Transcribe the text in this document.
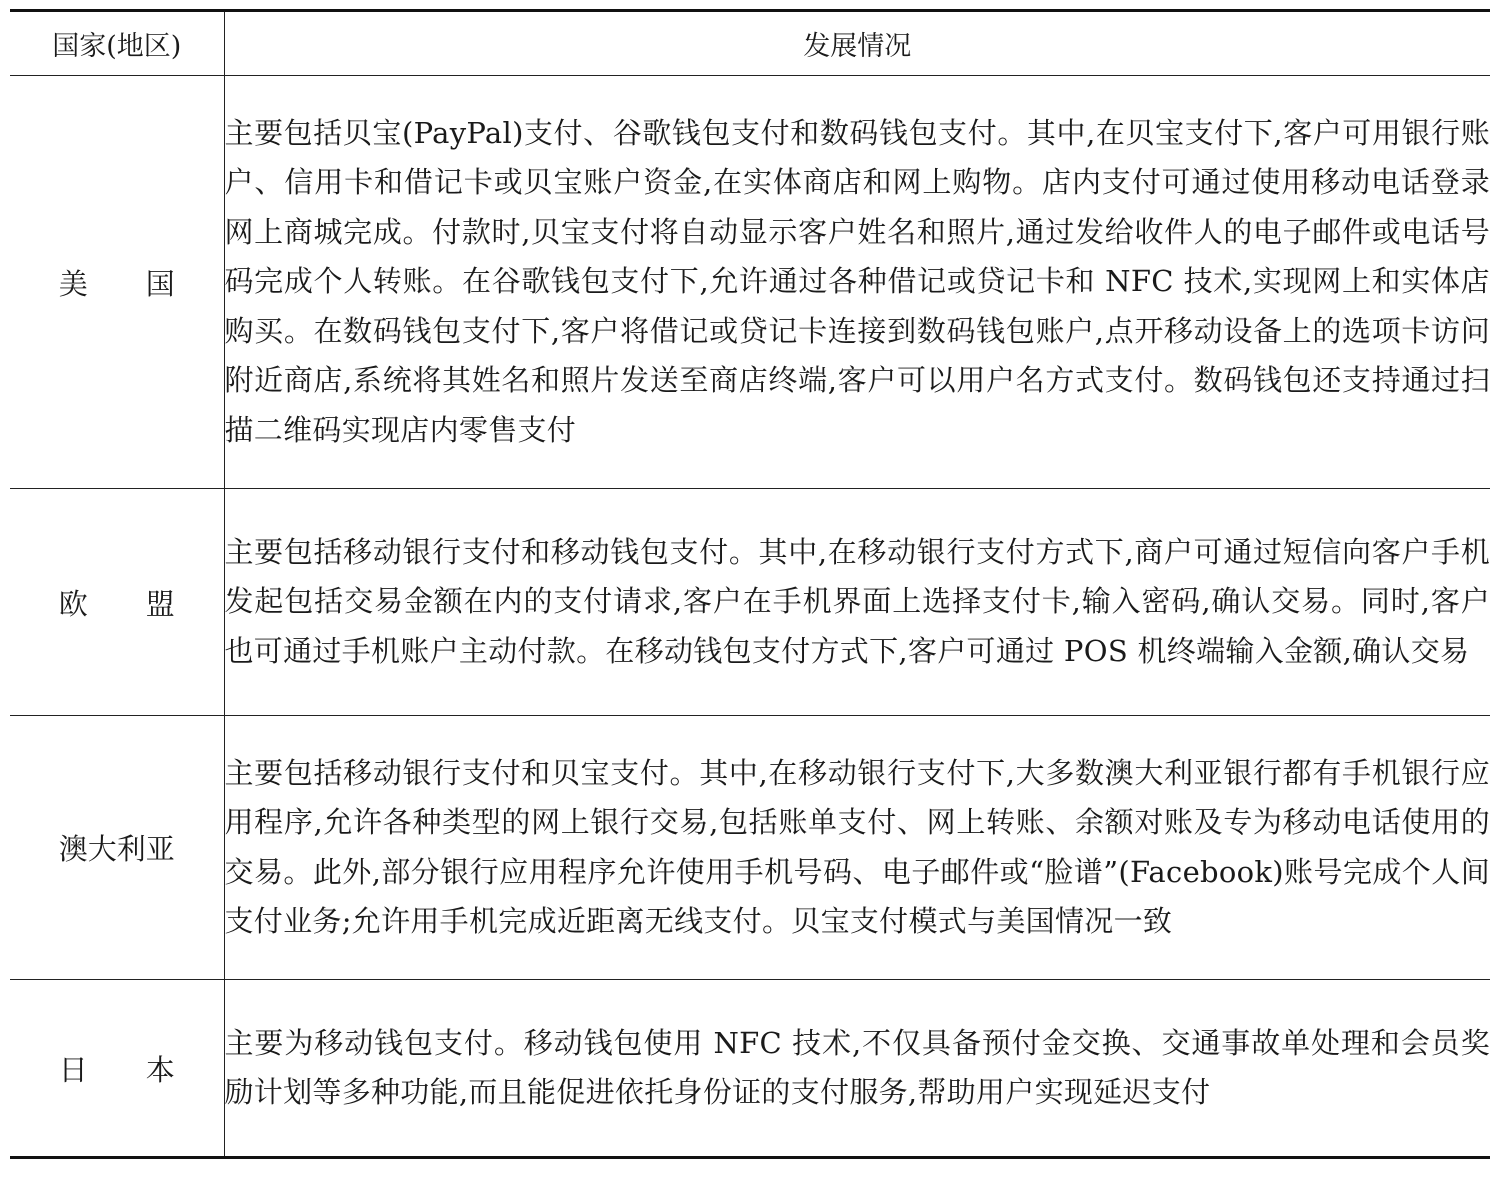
国家(地区)	发展情况
美　　国	主要包括贝宝(PayPal)支付、谷歌钱包支付和数码钱包支付。其中,在贝宝支付下,客户可用银行账户、信用卡和借记卡或贝宝账户资金,在实体商店和网上购物。店内支付可通过使用移动电话登录网上商城完成。付款时,贝宝支付将自动显示客户姓名和照片,通过发给收件人的电子邮件或电话号码完成个人转账。在谷歌钱包支付下,允许通过各种借记或贷记卡和 NFC 技术,实现网上和实体店购买。在数码钱包支付下,客户将借记或贷记卡连接到数码钱包账户,点开移动设备上的选项卡访问附近商店,系统将其姓名和照片发送至商店终端,客户可以用户名方式支付。数码钱包还支持通过扫描二维码实现店内零售支付
欧　　盟	主要包括移动银行支付和移动钱包支付。其中,在移动银行支付方式下,商户可通过短信向客户手机发起包括交易金额在内的支付请求,客户在手机界面上选择支付卡,输入密码,确认交易。同时,客户也可通过手机账户主动付款。在移动钱包支付方式下,客户可通过 POS 机终端输入金额,确认交易
澳大利亚	主要包括移动银行支付和贝宝支付。其中,在移动银行支付下,大多数澳大利亚银行都有手机银行应用程序,允许各种类型的网上银行交易,包括账单支付、网上转账、余额对账及专为移动电话使用的交易。此外,部分银行应用程序允许使用手机号码、电子邮件或“脸谱”(Facebook)账号完成个人间支付业务;允许用手机完成近距离无线支付。贝宝支付模式与美国情况一致
日　　本	主要为移动钱包支付。移动钱包使用 NFC 技术,不仅具备预付金交换、交通事故单处理和会员奖励计划等多种功能,而且能促进依托身份证的支付服务,帮助用户实现延迟支付
